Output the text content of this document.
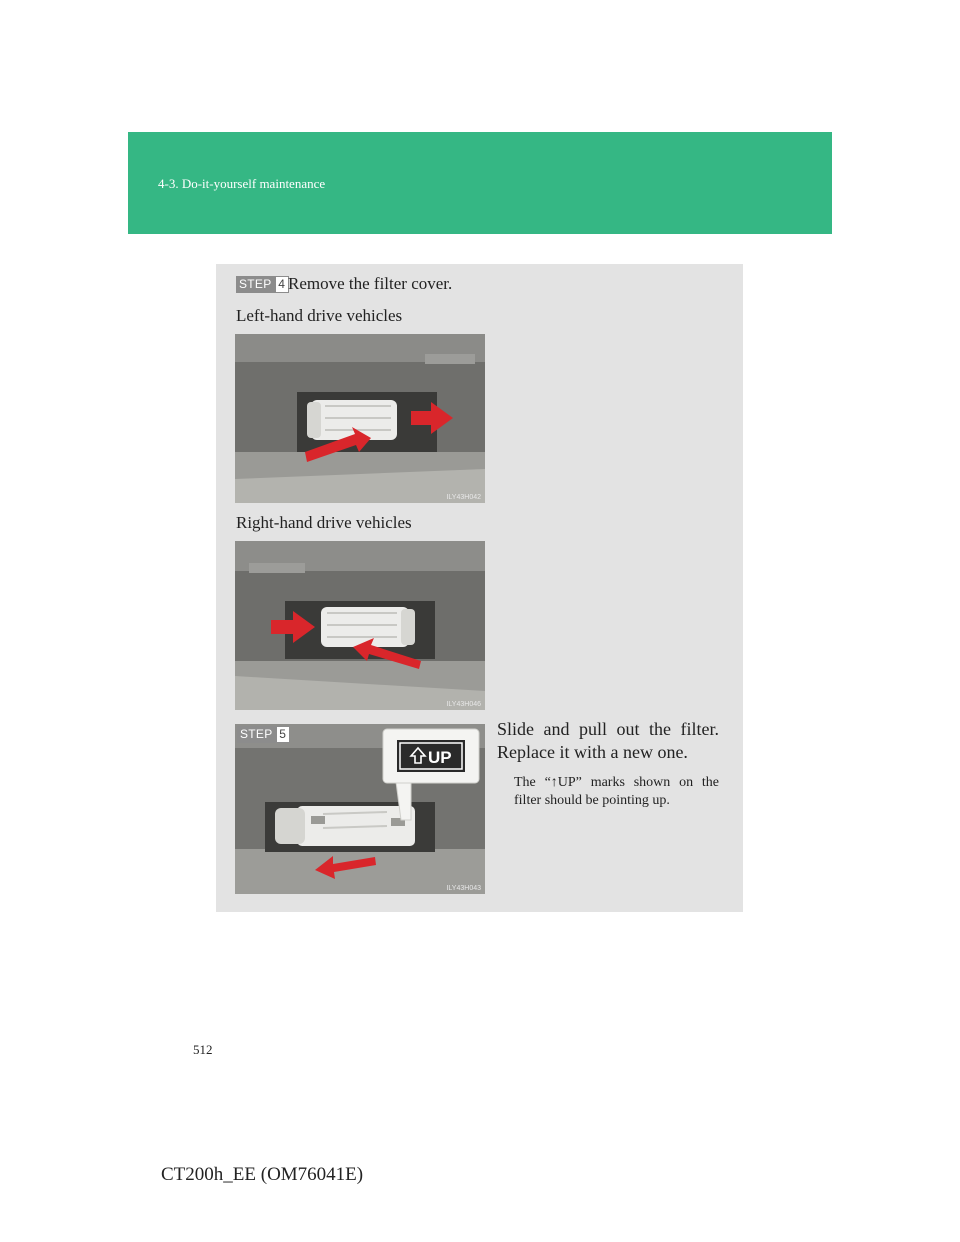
4-3. Do-it-yourself maintenance
STEP 4 Remove the filter cover.
Left-hand drive vehicles
ILY43H042
Right-hand drive vehicles
ILY43H046
UP
ILY43H043
STEP 5	Slide and pull out the filter.
Replace it with a new one.
The “↑UP” marks shown on the filter should be pointing up.
512
CT200h_EE (OM76041E)
